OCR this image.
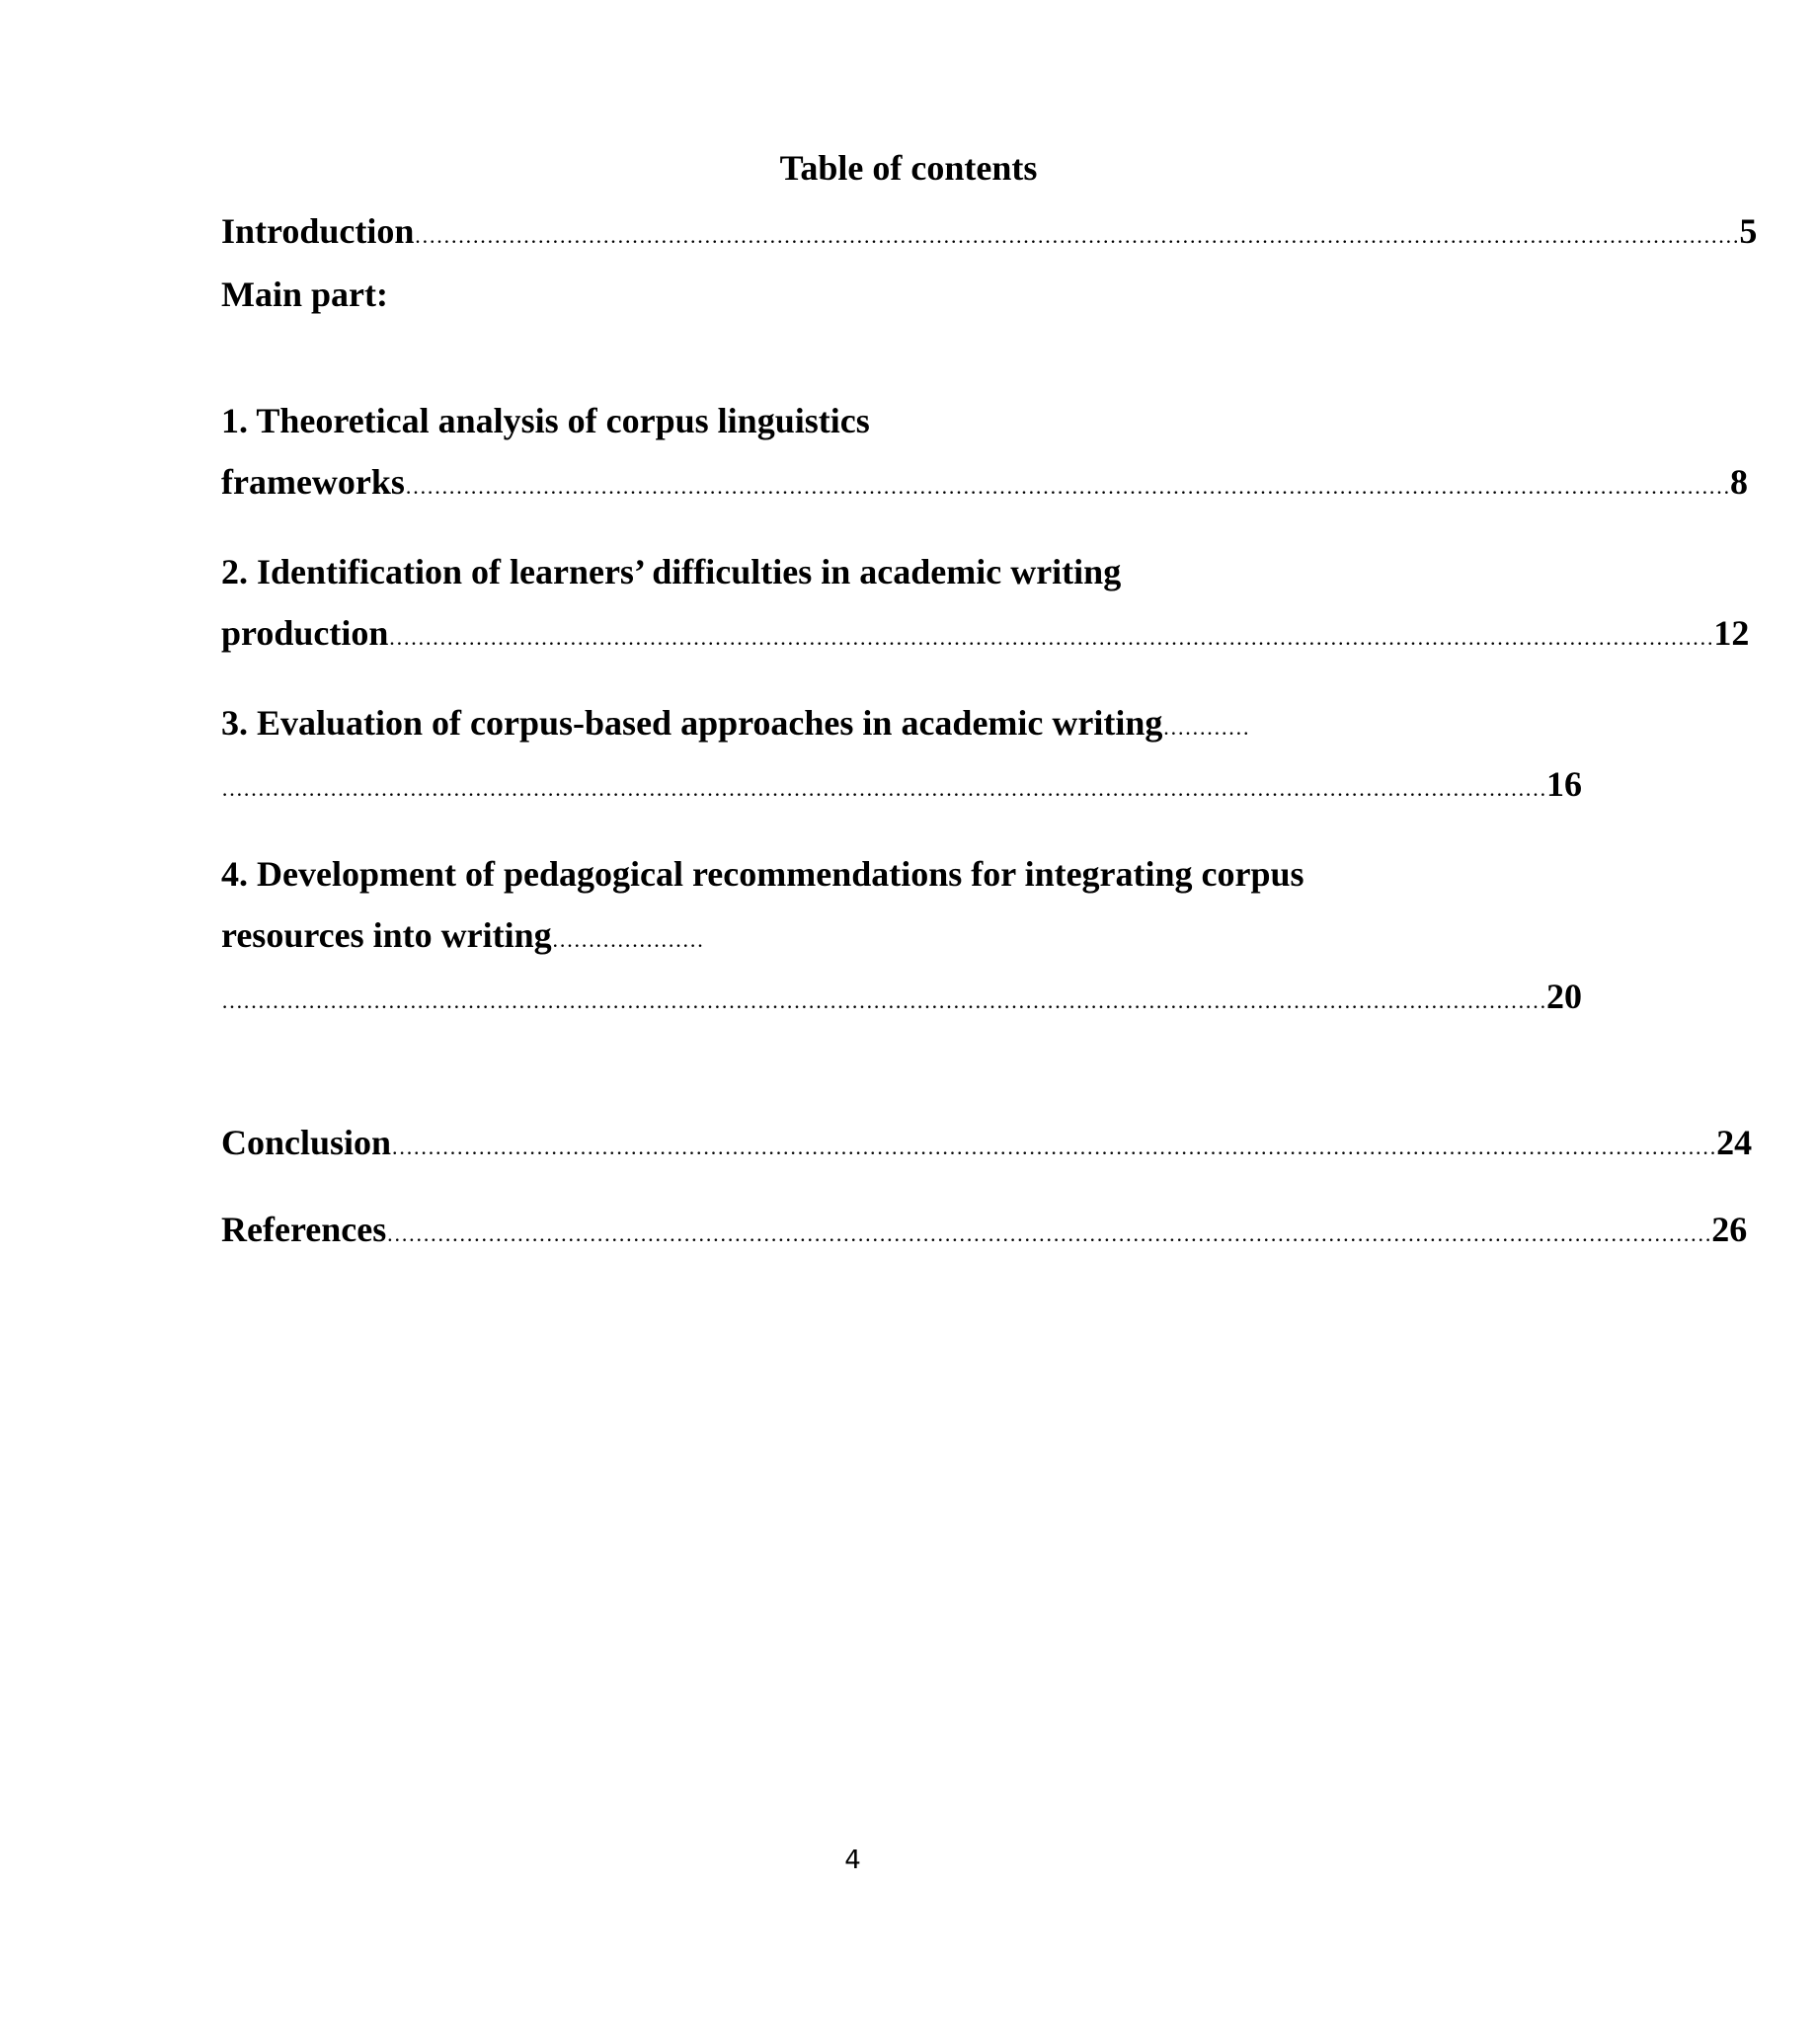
Table of contents
Introduction ………………………………………………………………………………………………………………………………………………………………… 5
Main part:
1. Theoretical analysis of corpus linguistics
frameworks ………………………………………………………………………………………………………………………………………………………………… 8
2. Identification of learners’ difficulties in academic writing
production ………………………………………………………………………………………………………………………………………………………………… 12
3. Evaluation of corpus-based approaches in academic writing…………
………………………………………………………………………………………………………………………………………………………………… 16
4. Development of pedagogical recommendations for integrating corpus
resources into writing…………………
………………………………………………………………………………………………………………………………………………………………… 20
Conclusion ………………………………………………………………………………………………………………………………………………………………… 24
References ………………………………………………………………………………………………………………………………………………………………… 26
4
